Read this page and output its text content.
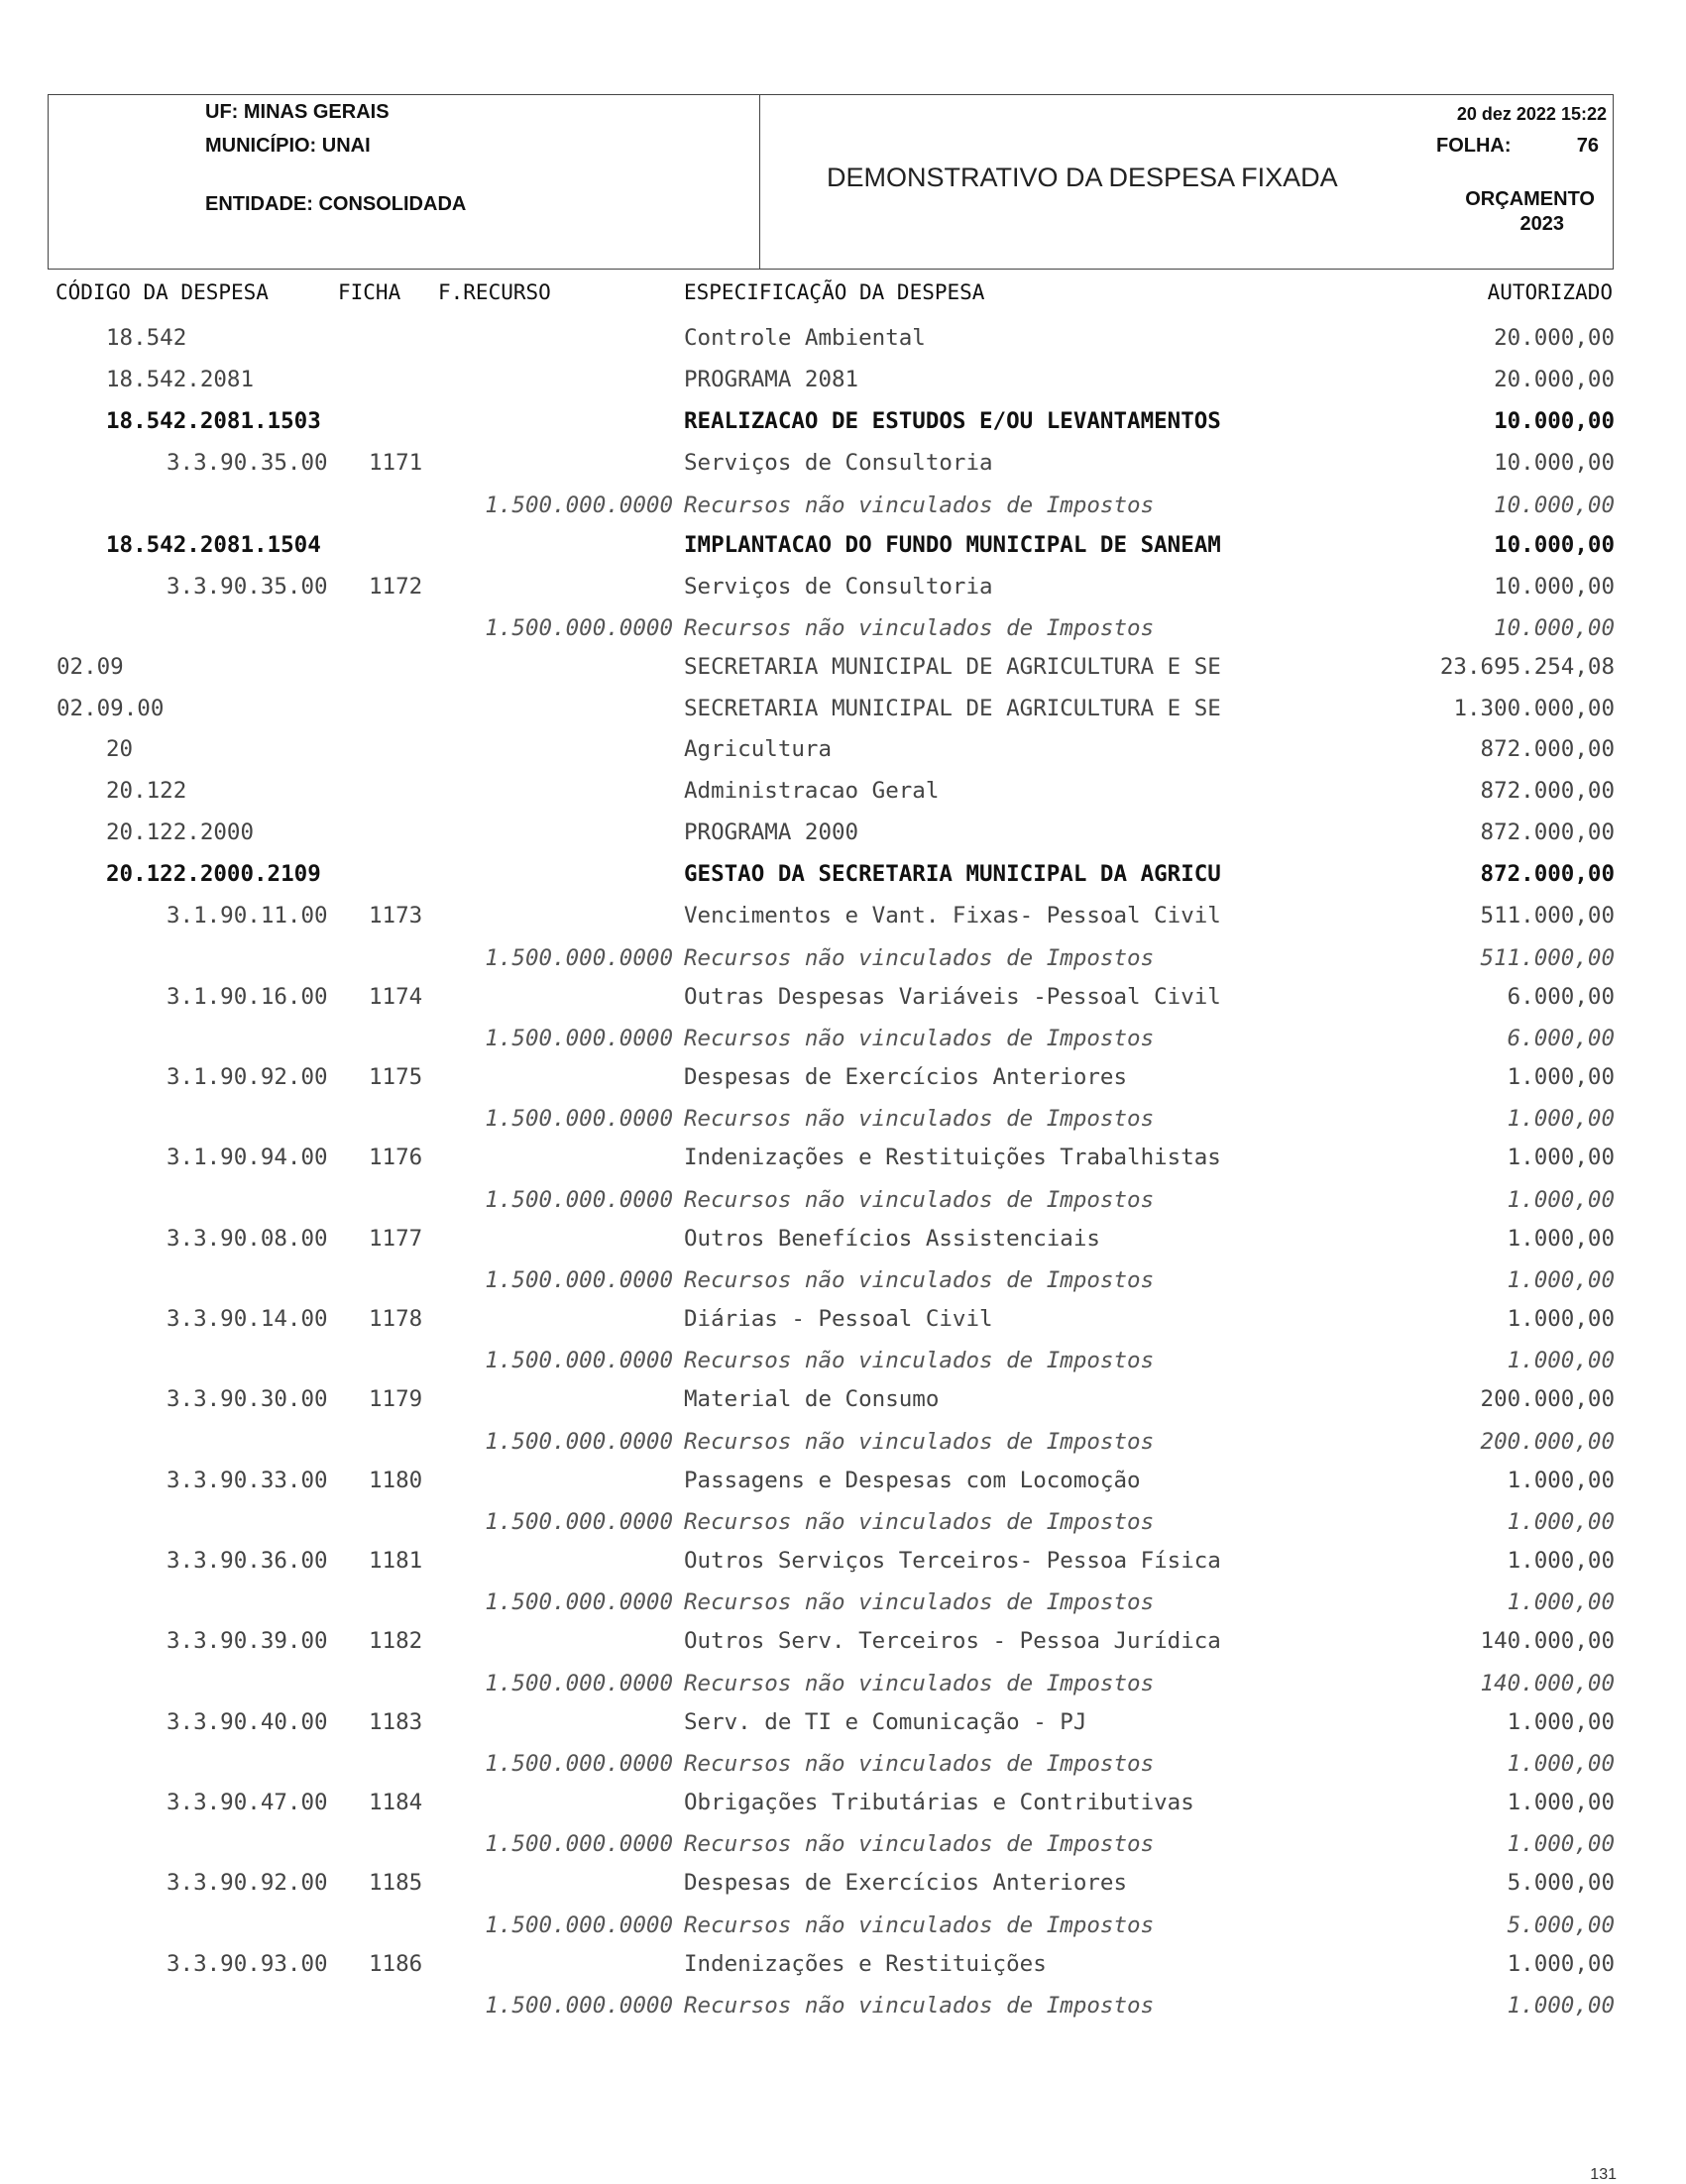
UF: MINAS GERAIS
MUNICÍPIO: UNAI
ENTIDADE: CONSOLIDADA
DEMONSTRATIVO DA DESPESA FIXADA
20 dez 2022 15:22
FOLHA:	76
ORÇAMENTO
2023
CÓDIGO DA DESPESA	FICHA F.RECURSO	ESPECIFICAÇÃO DA DESPESA	AUTORIZADO
18.542	Controle Ambiental	20.000,00
18.542.2081	PROGRAMA 2081	20.000,00
18.542.2081.1503	REALIZACAO DE ESTUDOS E/OU LEVANTAMENTOS	10.000,00
3.3.90.35.00 1171	Serviços de Consultoria	10.000,00
1.500.000.0000 Recursos não vinculados de Impostos	10.000,00
18.542.2081.1504	IMPLANTACAO DO FUNDO MUNICIPAL DE SANEAM	10.000,00
3.3.90.35.00 1172	Serviços de Consultoria	10.000,00
1.500.000.0000 Recursos não vinculados de Impostos	10.000,00
02.09	SECRETARIA MUNICIPAL DE AGRICULTURA E SE	23.695.254,08
02.09.00	SECRETARIA MUNICIPAL DE AGRICULTURA E SE	1.300.000,00
20	Agricultura	872.000,00
20.122	Administracao Geral	872.000,00
20.122.2000	PROGRAMA 2000	872.000,00
20.122.2000.2109	GESTAO DA SECRETARIA MUNICIPAL DA AGRICU	872.000,00
3.1.90.11.00 1173	Vencimentos e Vant. Fixas- Pessoal Civil	511.000,00
1.500.000.0000 Recursos não vinculados de Impostos	511.000,00
3.1.90.16.00 1174	Outras Despesas Variáveis -Pessoal Civil	6.000,00
1.500.000.0000 Recursos não vinculados de Impostos	6.000,00
3.1.90.92.00 1175	Despesas de Exercícios Anteriores	1.000,00
1.500.000.0000 Recursos não vinculados de Impostos	1.000,00
3.1.90.94.00 1176	Indenizações e Restituições Trabalhistas	1.000,00
1.500.000.0000 Recursos não vinculados de Impostos	1.000,00
3.3.90.08.00 1177	Outros Benefícios Assistenciais	1.000,00
1.500.000.0000 Recursos não vinculados de Impostos	1.000,00
3.3.90.14.00 1178	Diárias - Pessoal Civil	1.000,00
1.500.000.0000 Recursos não vinculados de Impostos	1.000,00
3.3.90.30.00 1179	Material de Consumo	200.000,00
1.500.000.0000 Recursos não vinculados de Impostos	200.000,00
3.3.90.33.00 1180	Passagens e Despesas com Locomoção	1.000,00
1.500.000.0000 Recursos não vinculados de Impostos	1.000,00
3.3.90.36.00 1181	Outros Serviços Terceiros- Pessoa Física	1.000,00
1.500.000.0000 Recursos não vinculados de Impostos	1.000,00
3.3.90.39.00 1182	Outros Serv. Terceiros - Pessoa Jurídica	140.000,00
1.500.000.0000 Recursos não vinculados de Impostos	140.000,00
3.3.90.40.00 1183	Serv. de TI e Comunicação - PJ	1.000,00
1.500.000.0000 Recursos não vinculados de Impostos	1.000,00
3.3.90.47.00 1184	Obrigações Tributárias e Contributivas	1.000,00
1.500.000.0000 Recursos não vinculados de Impostos	1.000,00
3.3.90.92.00 1185	Despesas de Exercícios Anteriores	5.000,00
1.500.000.0000 Recursos não vinculados de Impostos	5.000,00
3.3.90.93.00 1186	Indenizações e Restituições	1.000,00
1.500.000.0000 Recursos não vinculados de Impostos	1.000,00
131
